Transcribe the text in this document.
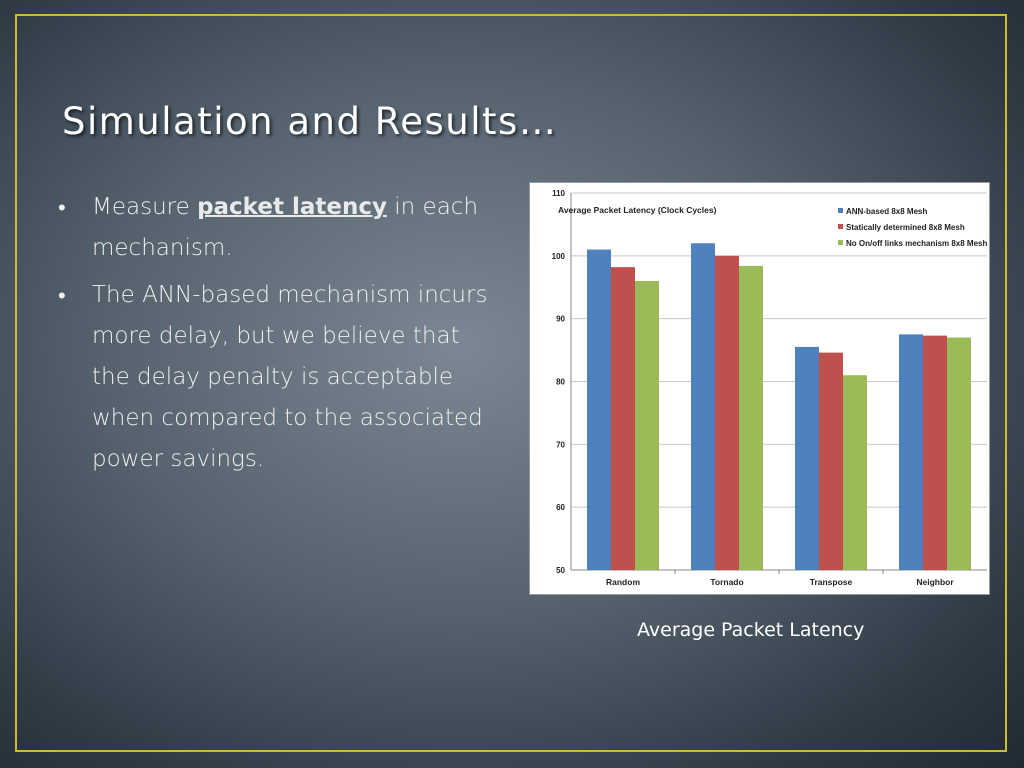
Simulation and Results…
•	Measure packet latency in each mechanism.
•	The ANN-based mechanism incurs more delay, but we believe that the delay penalty is acceptable when compared to the associated power savings.
50
60
70
80
90
100
110
Random	Tornado	Transpose	Neighbor
Average Packet Latency (Clock Cycles)	ANN-based 8x8 Mesh
Statically determined 8x8 Mesh
No On/off links mechanism 8x8 Mesh
Average Packet Latency
